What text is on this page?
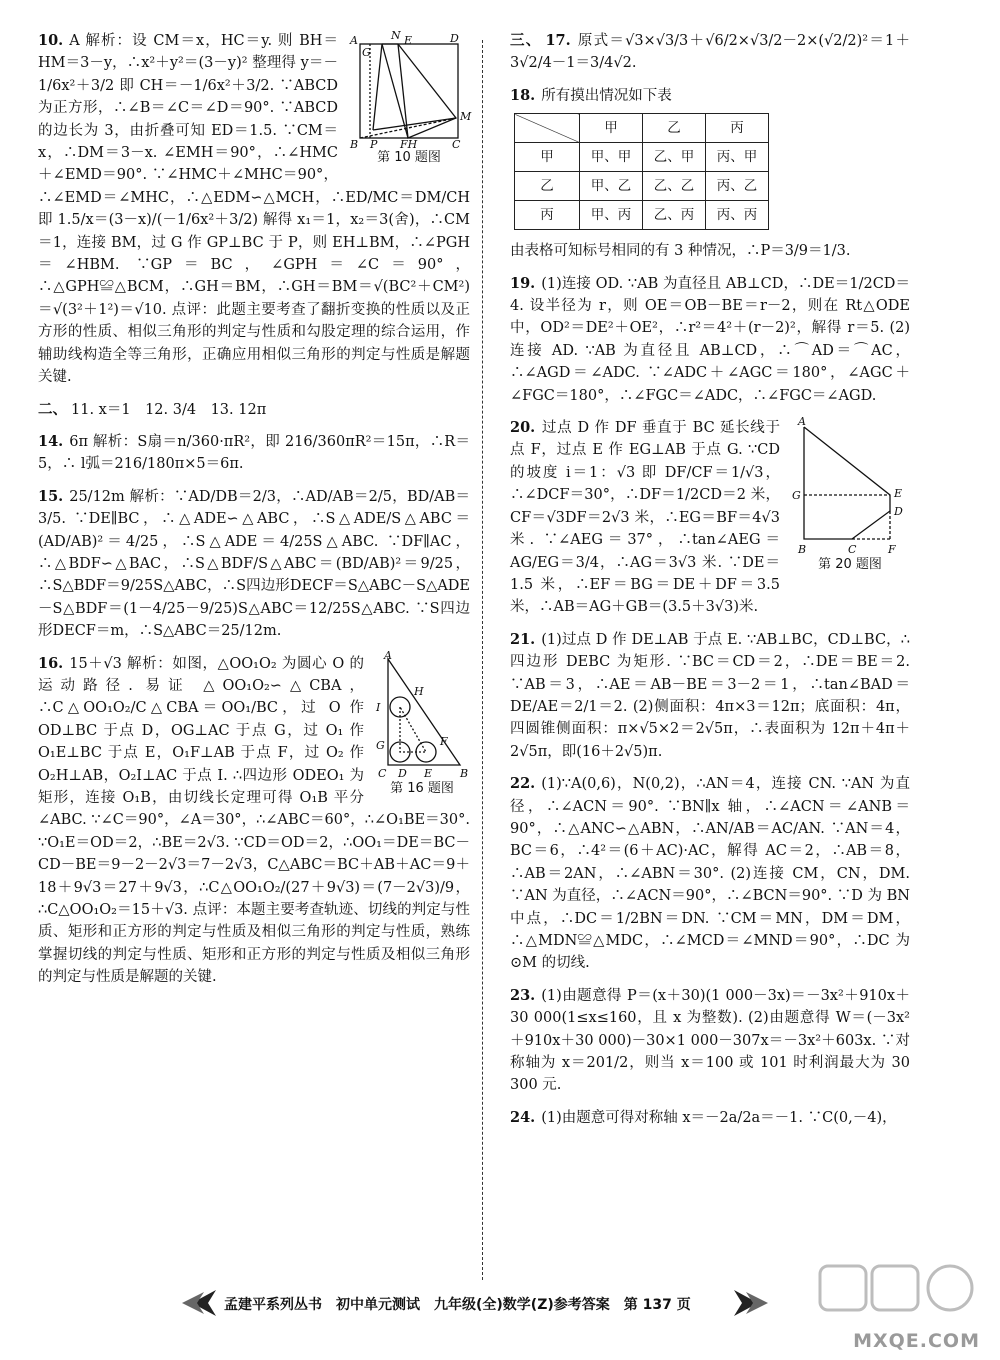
A	N E	D
G
M
B P FH	C
第 10 题图
10. A 解析：设 CM＝x，HC＝y. 则 BH＝HM＝3－y，∴x²＋y²＝(3－y)² 整理得 y＝－1/6x²＋3/2 即 CH＝－1/6x²＋3/2. ∵ABCD 为正方形，∴∠B＝∠C＝∠D＝90°. ∵ABCD 的边长为 3，由折叠可知 ED＝1.5. ∵CM＝x，∴DM＝3－x. ∠EMH＝90°，∴∠HMC＋∠EMD＝90°. ∵∠HMC＋∠MHC＝90°，∴∠EMD＝∠MHC，∴△EDM∽△MCH，∴ED/MC＝DM/CH 即 1.5/x＝(3－x)/(－1/6x²＋3/2) 解得 x₁＝1，x₂＝3(舍)，∴CM＝1，连接 BM，过 G 作 GP⊥BC 于 P，则 EH⊥BM，∴∠PGH＝∠HBM. ∵GP＝BC，∠GPH＝∠C＝90°，∴△GPH≌△BCM，∴GH＝BM，∴GH＝BM＝√(BC²＋CM²)＝√(3²＋1²)＝√10. 点评：此题主要考查了翻折变换的性质以及正方形的性质、相似三角形的判定与性质和勾股定理的综合运用，作辅助线构造全等三角形，正确应用相似三角形的判定与性质是解题关键.
二、 11. x＝1　12. 3/4　13. 12π
14. 6π 解析：S扇＝n/360·πR²，即 216/360πR²＝15π，∴R＝5，∴ l弧＝216/180π×5＝6π.
15. 25/12m 解析：∵AD/DB＝2/3，∴AD/AB＝2/5，BD/AB＝3/5. ∵DE∥BC，∴△ADE∽△ABC，∴S△ADE/S△ABC＝(AD/AB)²＝4/25，∴S△ADE＝4/25S△ABC. ∵DF∥AC，∴△BDF∽△BAC，∴S△BDF/S△ABC＝(BD/AB)²＝9/25，∴S△BDF＝9/25S△ABC，∴S四边形DECF＝S△ABC－S△ADE－S△BDF＝(1－4/25－9/25)S△ABC＝12/25S△ABC. ∵S四边形DECF＝m，∴S△ABC＝25/12m.
A
H
I
G	F
C D E	B
第 16 题图
16. 15＋√3 解析：如图，△OO₁O₂ 为圆心 O 的运动路径. 易证 △OO₁O₂∽△CBA，∴C△OO₁O₂/C△CBA＝OO₁/BC，过 O 作 OD⊥BC 于点 D，OG⊥AC 于点 G，过 O₁ 作 O₁E⊥BC 于点 E，O₁F⊥AB 于点 F，过 O₂ 作 O₂H⊥AB，O₂I⊥AC 于点 I. ∴四边形 ODEO₁ 为矩形，连接 O₁B，由切线长定理可得 O₁B 平分∠ABC. ∵∠C＝90°，∠A＝30°，∴∠ABC＝60°，∴∠O₁BE＝30°. ∵O₁E＝OD＝2，∴BE＝2√3. ∵CD＝OD＝2，∴OO₁＝DE＝BC－CD－BE＝9－2－2√3＝7－2√3，C△ABC＝BC＋AB＋AC＝9＋18＋9√3＝27＋9√3，∴C△OO₁O₂/(27＋9√3)＝(7－2√3)/9，∴C△OO₁O₂＝15＋√3. 点评：本题主要考查轨迹、切线的判定与性质、矩形和正方形的判定与性质及相似三角形的判定与性质，熟练掌握切线的判定与性质、矩形和正方形的判定与性质及相似三角形的判定与性质是解题的关键.
三、 17. 原式＝√3×√3/3＋√6/2×√3/2－2×(√2/2)²＝1＋3√2/4－1＝3/4√2.
18. 所有摸出情况如下表
	甲	乙	丙
甲	甲、甲	乙、甲	丙、甲
乙	甲、乙	乙、乙	丙、乙
丙	甲、丙	乙、丙	丙、丙
由表格可知标号相同的有 3 种情况，∴P＝3/9＝1/3.
19. (1)连接 OD. ∵AB 为直径且 AB⊥CD，∴DE＝1/2CD＝4. 设半径为 r，则 OE＝OB－BE＝r－2，则在 Rt△ODE 中，OD²＝DE²＋OE²，∴r²＝4²＋(r－2)²，解得 r＝5. (2)连接 AD. ∵AB 为直径且 AB⊥CD，∴⌒AD＝⌒AC，∴∠AGD＝∠ADC. ∵∠ADC＋∠AGC＝180°，∠AGC＋∠FGC＝180°，∴∠FGC＝∠ADC，∴∠FGC＝∠AGD.
A
G	E
D
B	C	F
第 20 题图
20. 过点 D 作 DF 垂直于 BC 延长线于点 F，过点 E 作 EG⊥AB 于点 G. ∵CD 的坡度 i＝1：√3 即 DF/CF＝1/√3，∴∠DCF＝30°，∴DF＝1/2CD＝2 米，CF＝√3DF＝2√3 米，∴EG＝BF＝4√3 米. ∵∠AEG＝37°，∴tan∠AEG＝AG/EG＝3/4，∴AG＝3√3 米. ∵DE＝1.5 米，∴EF＝BG＝DE＋DF＝3.5 米，∴AB＝AG＋GB＝(3.5＋3√3)米.
21. (1)过点 D 作 DE⊥AB 于点 E. ∵AB⊥BC，CD⊥BC，∴四边形 DEBC 为矩形. ∵BC＝CD＝2，∴DE＝BE＝2. ∵AB＝3，∴AE＝AB－BE＝3－2＝1，∴tan∠BAD＝DE/AE＝2/1＝2. (2)侧面积：4π×3＝12π；底面积：4π，四圆锥侧面积：π×√5×2＝2√5π，∴表面积为 12π＋4π＋2√5π，即(16＋2√5)π.
22. (1)∵A(0,6)，N(0,2)，∴AN＝4，连接 CN. ∵AN 为直径，∴∠ACN＝90°. ∵BN∥x 轴，∴∠ACN＝∠ANB＝90°，∴△ANC∽△ABN，∴AN/AB＝AC/AN. ∵AN＝4，BC＝6，∴4²＝(6＋AC)·AC，解得 AC＝2，∴AB＝8，∴AB＝2AN，∴∠ABN＝30°. (2)连接 CM，CN，DM. ∵AN 为直径，∴∠ACN＝90°，∴∠BCN＝90°. ∵D 为 BN 中点，∴DC＝1/2BN＝DN. ∵CM＝MN，DM＝DM，∴△MDN≌△MDC，∴∠MCD＝∠MND＝90°，∴DC 为⊙M 的切线.
23. (1)由题意得 P＝(x＋30)(1 000－3x)＝－3x²＋910x＋30 000(1≤x≤160，且 x 为整数). (2)由题意得 W＝(－3x²＋910x＋30 000)－30×1 000－307x＝－3x²＋603x. ∵对称轴为 x＝201/2，则当 x＝100 或 101 时利润最大为 30 300 元.
24. (1)由题意可得对称轴 x＝－2a/2a＝－1. ∵C(0,－4)，
孟建平系列丛书　初中单元测试　九年级(全)数学(Z)参考答案　第 137 页
MXQE.COM
